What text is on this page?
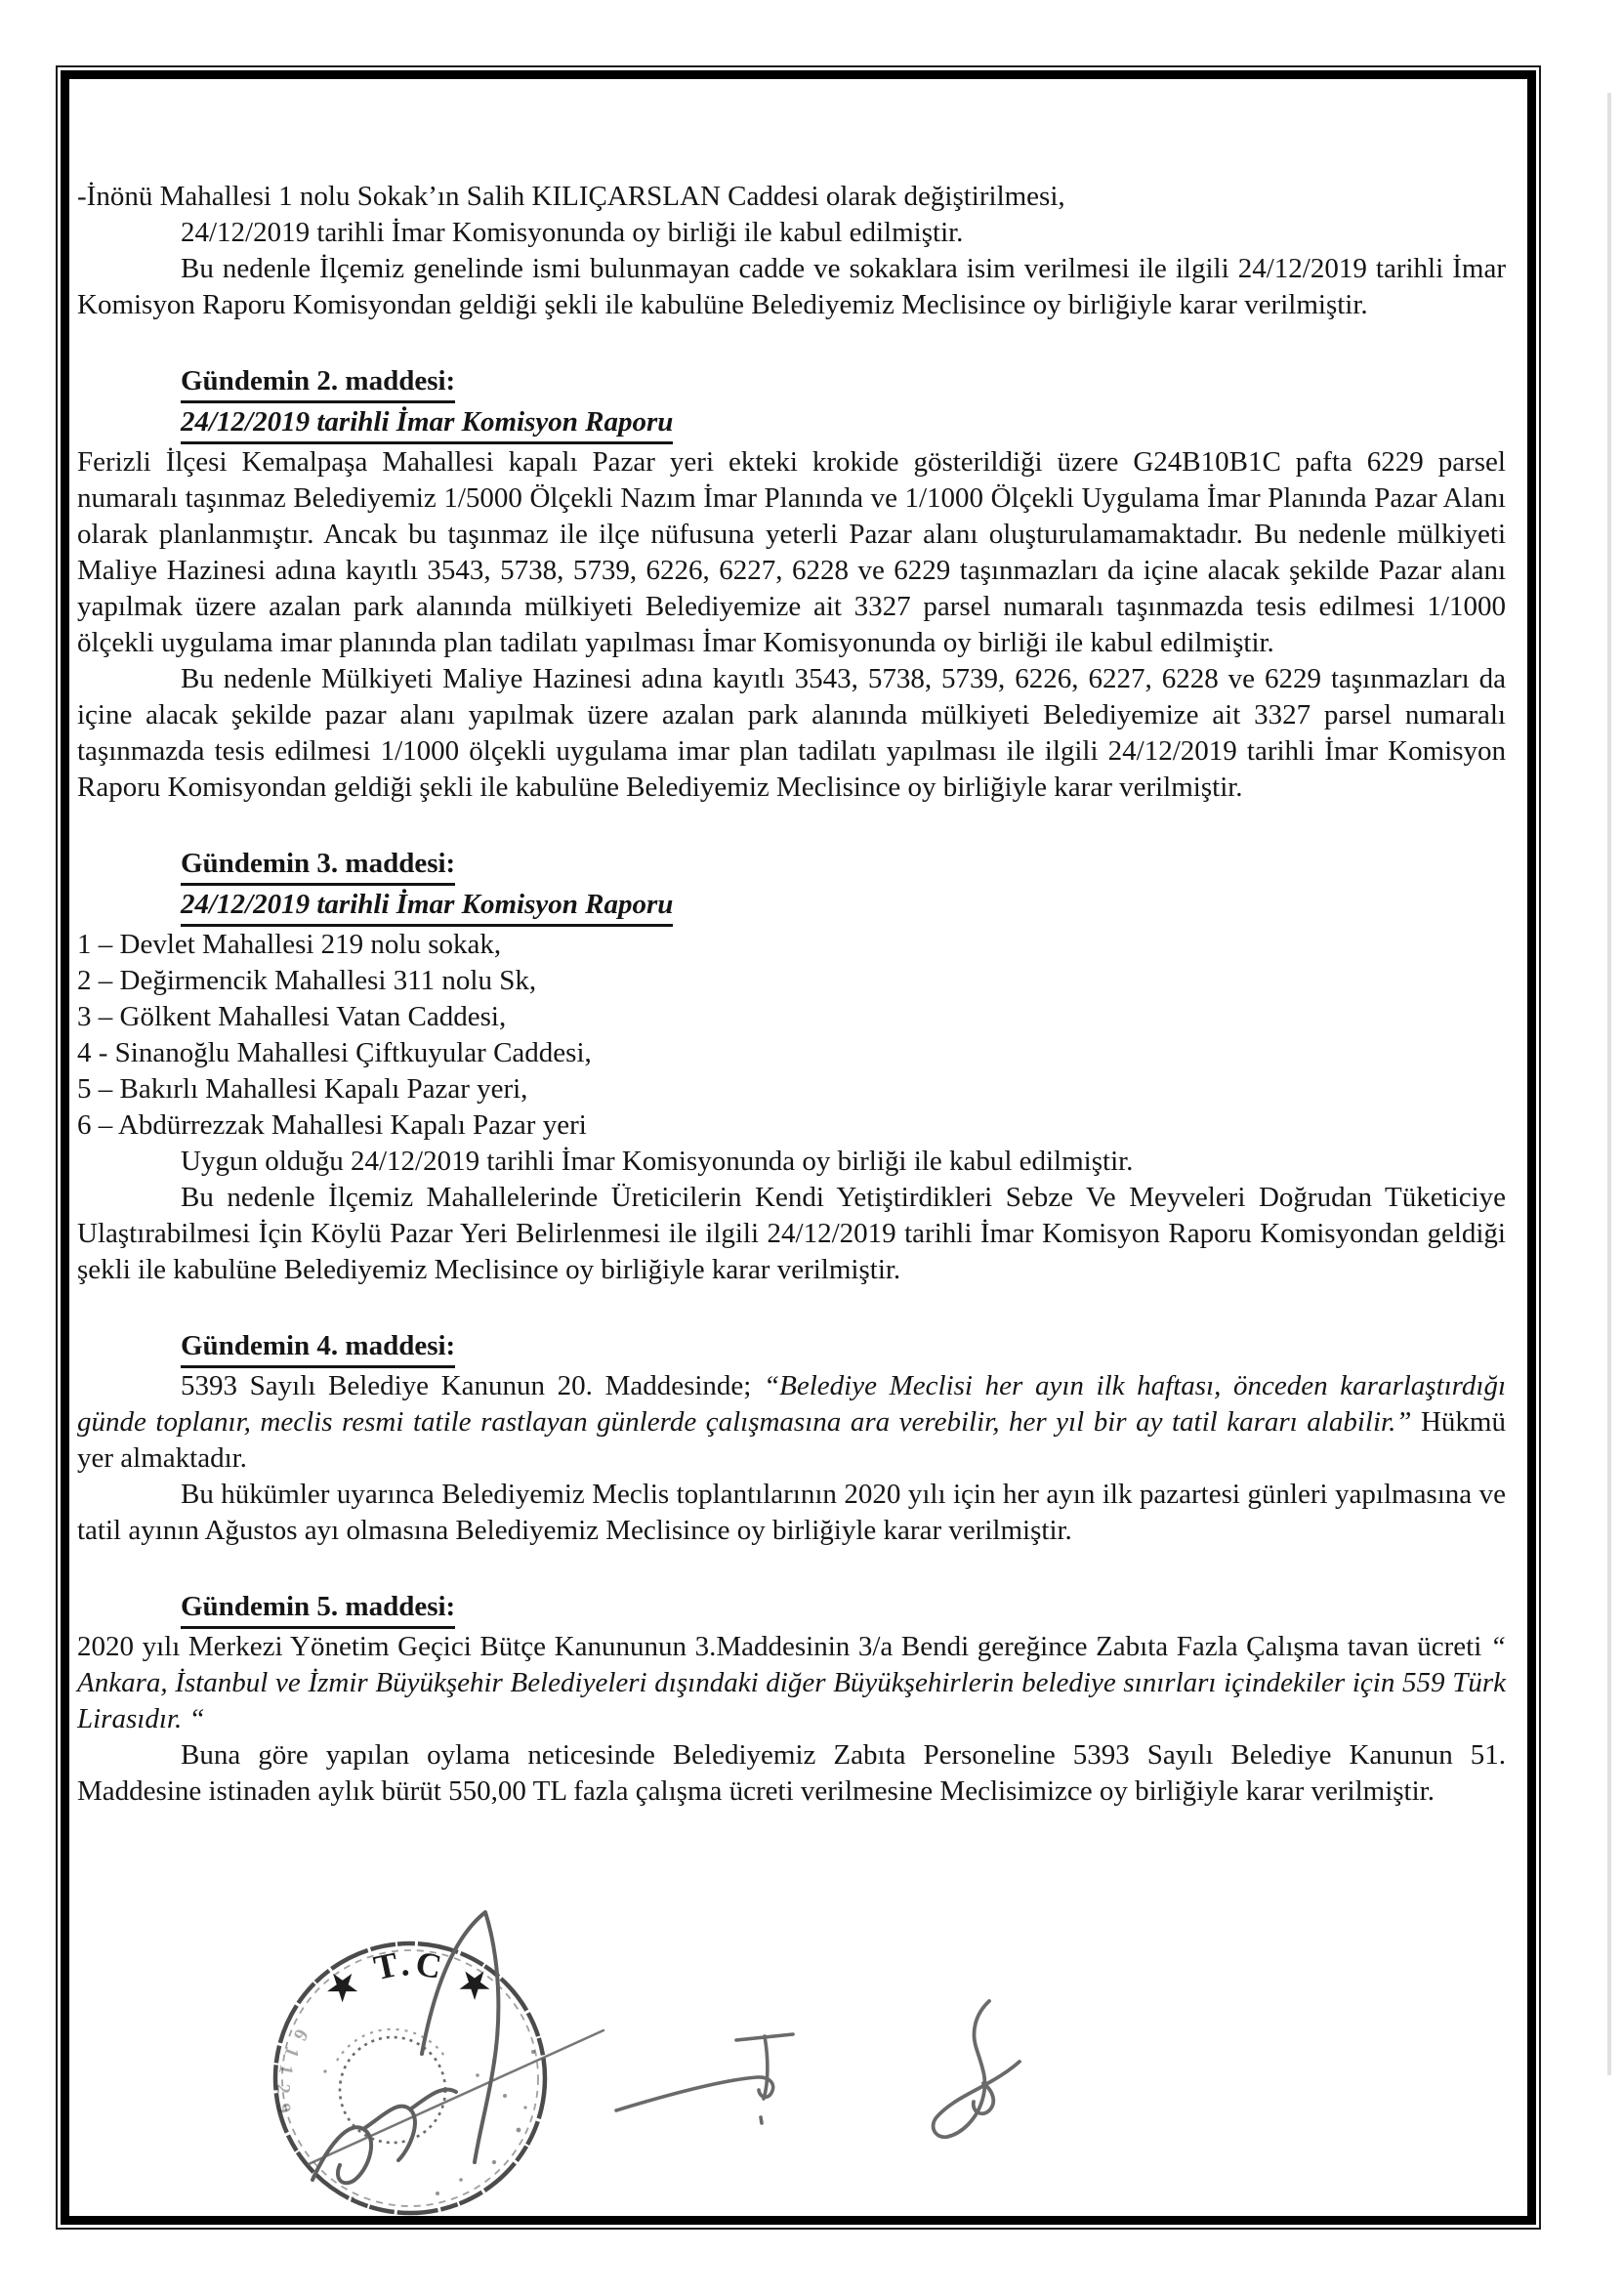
-İnönü Mahallesi 1 nolu Sokak’ın Salih KILIÇARSLAN Caddesi olarak değiştirilmesi,
24/12/2019 tarihli İmar Komisyonunda oy birliği ile kabul edilmiştir.
Bu nedenle İlçemiz genelinde ismi bulunmayan cadde ve sokaklara isim verilmesi ile ilgili 24/12/2019 tarihli İmar Komisyon Raporu Komisyondan geldiği şekli ile kabulüne Belediyemiz Meclisince oy birliğiyle karar verilmiştir.
Gündemin 2. maddesi:
24/12/2019 tarihli İmar Komisyon Raporu
Ferizli İlçesi Kemalpaşa Mahallesi kapalı Pazar yeri ekteki krokide gösterildiği üzere G24B10B1C pafta 6229 parsel numaralı taşınmaz Belediyemiz 1/5000 Ölçekli Nazım İmar Planında ve 1/1000 Ölçekli Uygulama İmar Planında Pazar Alanı olarak planlanmıştır. Ancak bu taşınmaz ile ilçe nüfusuna yeterli Pazar alanı oluşturulamamaktadır. Bu nedenle mülkiyeti Maliye Hazinesi adına kayıtlı 3543, 5738, 5739, 6226, 6227, 6228 ve 6229 taşınmazları da içine alacak şekilde Pazar alanı yapılmak üzere azalan park alanında mülkiyeti Belediyemize ait 3327 parsel numaralı taşınmazda tesis edilmesi 1/1000 ölçekli uygulama imar planında plan tadilatı yapılması İmar Komisyonunda oy birliği ile kabul edilmiştir.
Bu nedenle Mülkiyeti Maliye Hazinesi adına kayıtlı 3543, 5738, 5739, 6226, 6227, 6228 ve 6229 taşınmazları da içine alacak şekilde pazar alanı yapılmak üzere azalan park alanında mülkiyeti Belediyemize ait 3327 parsel numaralı taşınmazda tesis edilmesi 1/1000 ölçekli uygulama imar plan tadilatı yapılması ile ilgili 24/12/2019 tarihli İmar Komisyon Raporu Komisyondan geldiği şekli ile kabulüne Belediyemiz Meclisince oy birliğiyle karar verilmiştir.
Gündemin 3. maddesi:
24/12/2019 tarihli İmar Komisyon Raporu
1 – Devlet Mahallesi 219 nolu sokak,
2 – Değirmencik Mahallesi 311 nolu Sk,
3 – Gölkent Mahallesi Vatan Caddesi,
4 - Sinanoğlu Mahallesi Çiftkuyular Caddesi,
5 – Bakırlı Mahallesi Kapalı Pazar yeri,
6 – Abdürrezzak Mahallesi Kapalı Pazar yeri
Uygun olduğu 24/12/2019 tarihli İmar Komisyonunda oy birliği ile kabul edilmiştir.
Bu nedenle İlçemiz Mahallelerinde Üreticilerin Kendi Yetiştirdikleri Sebze Ve Meyveleri Doğrudan Tüketiciye Ulaştırabilmesi İçin Köylü Pazar Yeri Belirlenmesi ile ilgili 24/12/2019 tarihli İmar Komisyon Raporu Komisyondan geldiği şekli ile kabulüne Belediyemiz Meclisince oy birliğiyle karar verilmiştir.
Gündemin 4. maddesi:
5393 Sayılı Belediye Kanunun 20. Maddesinde; “Belediye Meclisi her ayın ilk haftası, önceden kararlaştırdığı günde toplanır, meclis resmi tatile rastlayan günlerde çalışmasına ara verebilir, her yıl bir ay tatil kararı alabilir.” Hükmü yer almaktadır.
Bu hükümler uyarınca Belediyemiz Meclis toplantılarının 2020 yılı için her ayın ilk pazartesi günleri yapılmasına ve tatil ayının Ağustos ayı olmasına Belediyemiz Meclisince oy birliğiyle karar verilmiştir.
Gündemin 5. maddesi:
2020 yılı Merkezi Yönetim Geçici Bütçe Kanununun 3.Maddesinin 3/a Bendi gereğince Zabıta Fazla Çalışma tavan ücreti “ Ankara, İstanbul ve İzmir Büyükşehir Belediyeleri dışındaki diğer Büyükşehirlerin belediye sınırları içindekiler için 559 Türk Lirasıdır. “
Buna göre yapılan oylama neticesinde Belediyemiz Zabıta Personeline 5393 Sayılı Belediye Kanunun 51. Maddesine istinaden aylık bürüt 550,00 TL fazla çalışma ücreti verilmesine Meclisimizce oy birliğiyle karar verilmiştir.
★ T.C ★
61129
